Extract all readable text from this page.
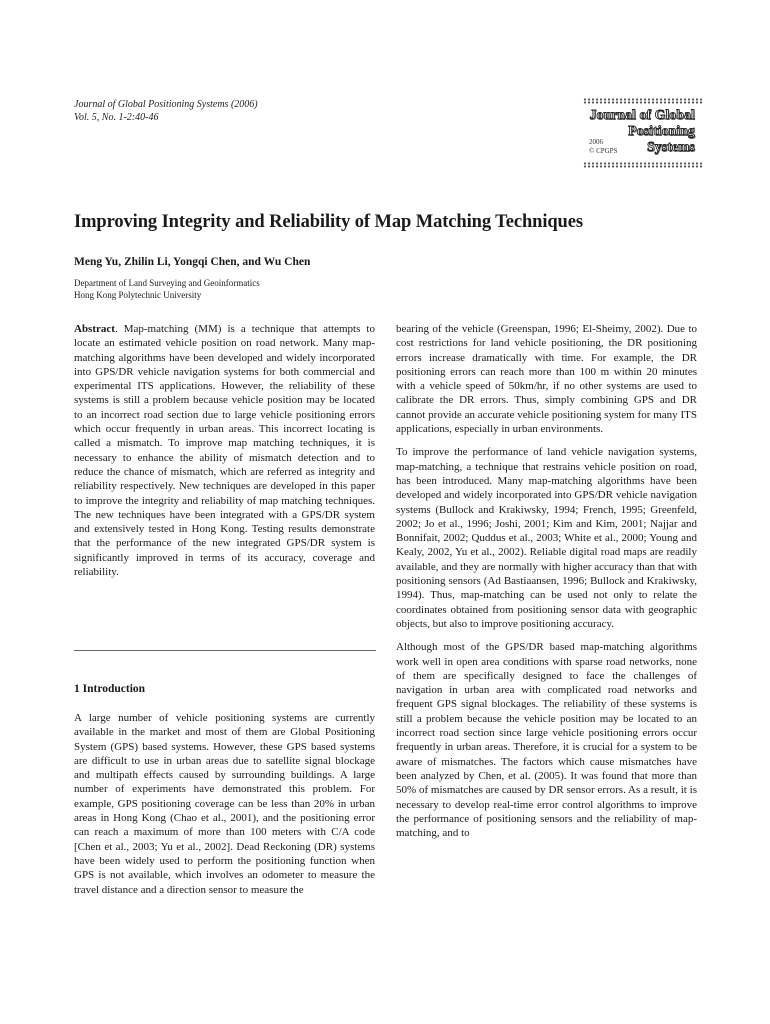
Journal of Global Positioning Systems (2006)
Vol. 5, No. 1-2:40-46	Journal of Global
Positioning
Systems
2006
© CPGPS
Improving Integrity and Reliability of Map Matching Techniques
Meng Yu, Zhilin Li, Yongqi Chen, and Wu Chen
Department of Land Surveying and Geoinformatics
Hong Kong Polytechnic University

Abstract. Map-matching (MM) is a technique that attempts to locate an estimated vehicle position on road network. Many map-matching algorithms have been developed and widely incorporated into GPS/DR vehicle navigation systems for both commercial and experimental ITS applications. However, the reliability of these systems is still a problem because vehicle position may be located to an incorrect road section due to large vehicle positioning errors which occur frequently in urban areas. This incorrect locating is called a mismatch. To improve map matching techniques, it is necessary to enhance the ability of mismatch detection and to reduce the chance of mismatch, which are referred as integrity and reliability respectively. New techniques are developed in this paper to improve the integrity and reliability of map matching techniques. The new techniques have been integrated with a GPS/DR system and extensively tested in Hong Kong. Testing results demonstrate that the performance of the new integrated GPS/DR system is significantly improved in terms of its accuracy, coverage and reliability.

1 Introduction

A large number of vehicle positioning systems are currently available in the market and most of them are Global Positioning System (GPS) based systems. However, these GPS based systems are difficult to use in urban areas due to satellite signal blockage and multipath effects caused by surrounding buildings. A large number of experiments have demonstrated this problem. For example, GPS positioning coverage can be less than 20% in urban areas in Hong Kong (Chao et al., 2001), and the positioning error can reach a maximum of more than 100 meters with C/A code [Chen et al., 2003; Yu et al., 2002]. Dead Reckoning (DR) systems have been widely used to perform the positioning function when GPS is not available, which involves an odometer to measure the travel distance and a direction sensor to measure the

bearing of the vehicle (Greenspan, 1996; El-Sheimy, 2002). Due to cost restrictions for land vehicle positioning, the DR positioning errors increase dramatically with time. For example, the DR positioning errors can reach more than 100 m within 20 minutes with a vehicle speed of 50km/hr, if no other systems are used to calibrate the DR errors. Thus, simply combining GPS and DR cannot provide an accurate vehicle positioning system for many ITS applications, especially in urban environments.

To improve the performance of land vehicle navigation systems, map-matching, a technique that restrains vehicle position on road, has been introduced. Many map-matching algorithms have been developed and widely incorporated into GPS/DR vehicle navigation systems (Bullock and Krakiwsky, 1994; French, 1995; Greenfeld, 2002; Jo et al., 1996; Joshi, 2001; Kim and Kim, 2001; Najjar and Bonnifait, 2002; Quddus et al., 2003; White et al., 2000; Young and Kealy, 2002, Yu et al., 2002). Reliable digital road maps are readily available, and they are normally with higher accuracy than that with positioning sensors (Ad Bastiaansen, 1996; Bullock and Krakiwsky, 1994). Thus, map-matching can be used not only to relate the coordinates obtained from positioning sensor data with geographic objects, but also to improve positioning accuracy.

Although most of the GPS/DR based map-matching algorithms work well in open area conditions with sparse road networks, none of them are specifically designed to face the challenges of navigation in urban area with complicated road networks and frequent GPS signal blockages. The reliability of these systems is still a problem because the vehicle position may be located to an incorrect road section since large vehicle positioning errors occur frequently in urban areas. Therefore, it is crucial for a system to be aware of mismatches. The factors which cause mismatches have been analyzed by Chen, et al. (2005). It was found that more than 50% of mismatches are caused by DR sensor errors. As a result, it is necessary to develop real-time error control algorithms to improve the performance of positioning sensors and the reliability of map-matching, and to
